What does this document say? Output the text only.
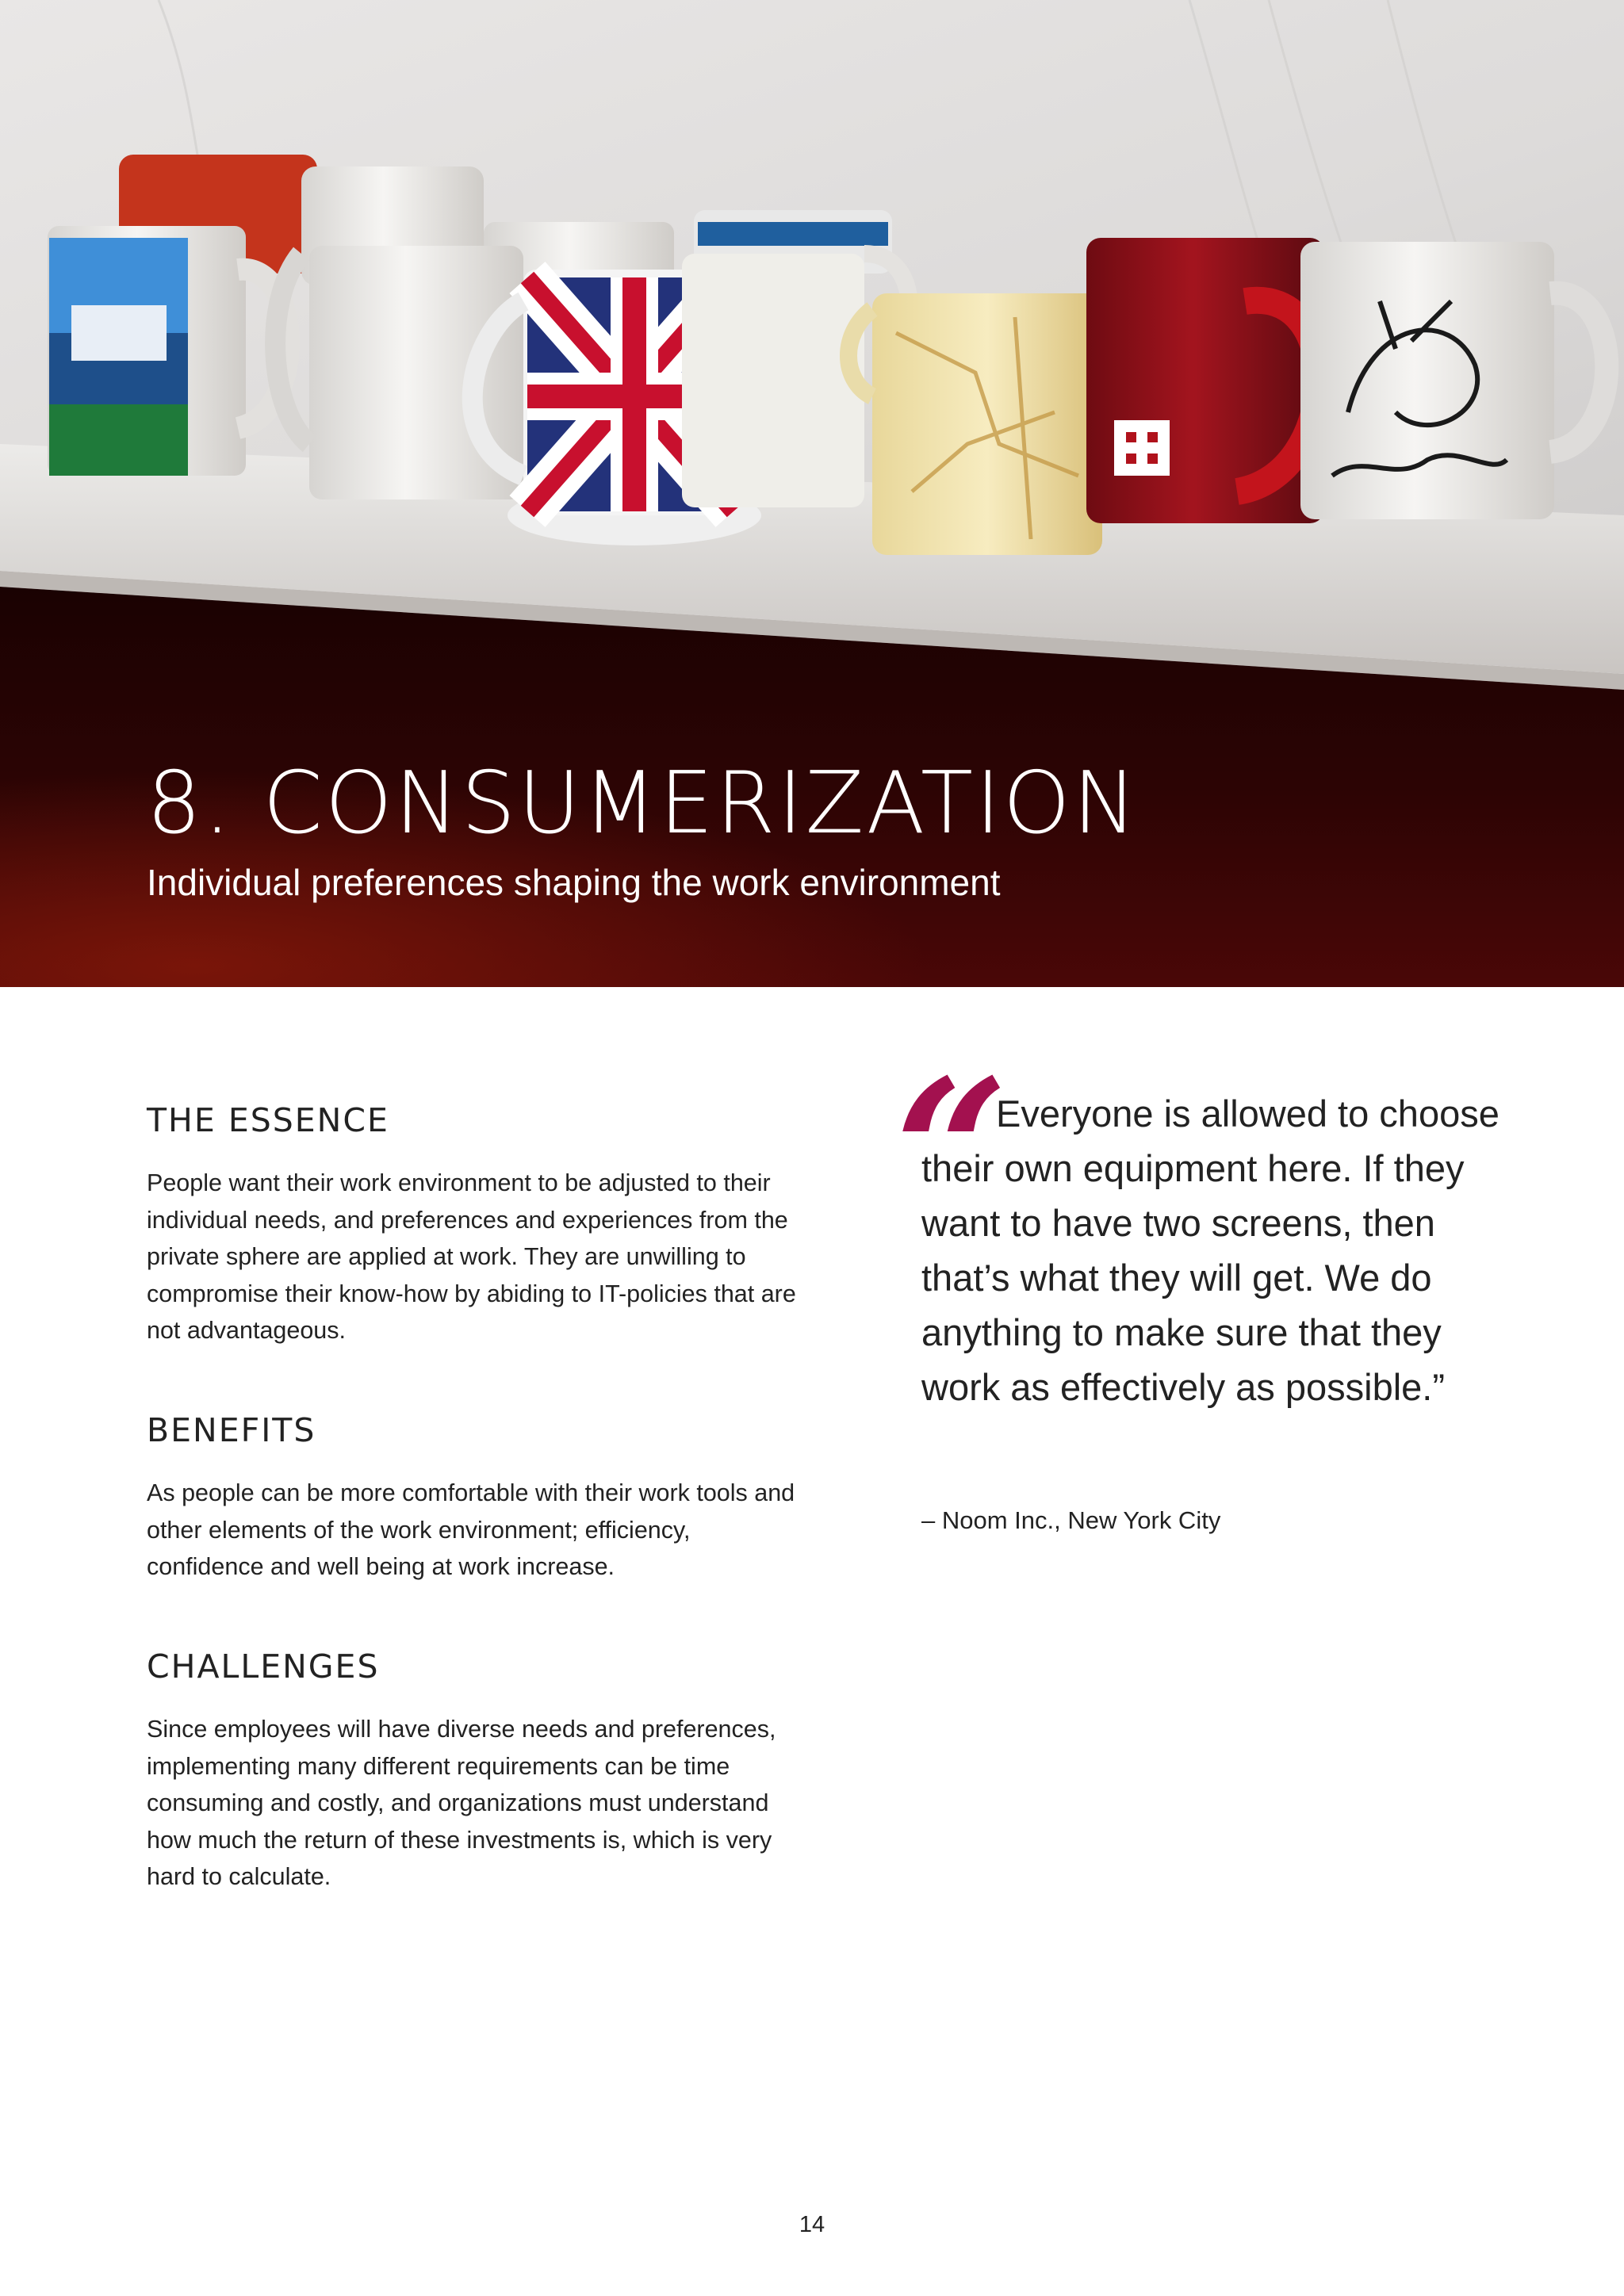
8. CONSUMERIZATION
Individual preferences shaping the work environment
THE ESSENCE
People want their work environment to be adjusted to their individual needs, and preferences and experiences from the private sphere are applied at work. They are unwilling to compromise their know-how by abiding to IT-policies that are not advantageous.
BENEFITS
As people can be more comfortable with their work tools and other elements of the work environment; efficiency, confidence and well being at work increase.
CHALLENGES
Since employees will have diverse needs and preferences, implementing many different requirements can be time consuming and costly, and organizations must understand how much the return of these investments is, which is very hard to calculate.
“
Everyone is allowed to choose their own equipment here. If they want to have two screens, then that’s what they will get. We do anything to make sure that they work as effectively as possible.”
– Noom Inc., New York City
14
